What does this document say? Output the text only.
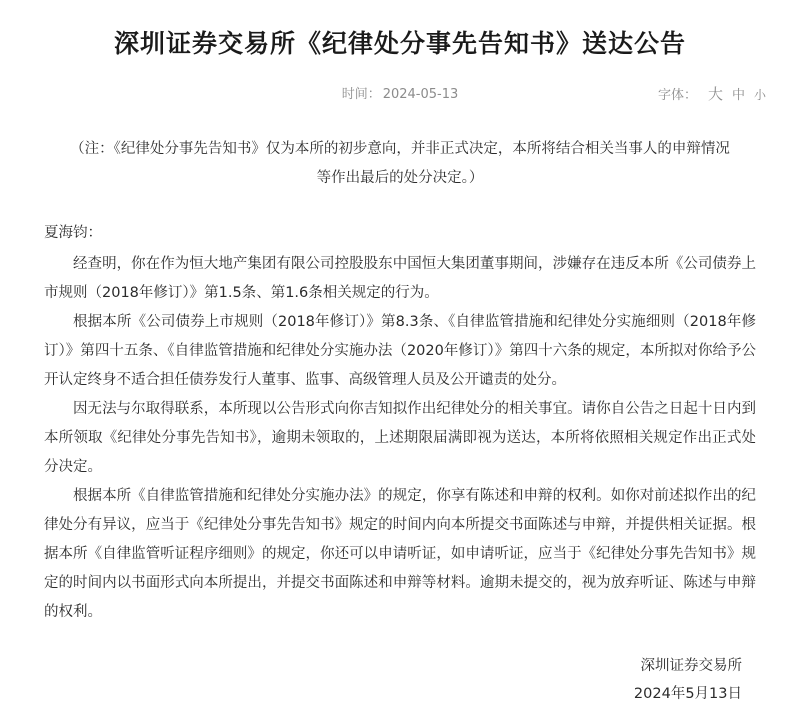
深圳证券交易所《纪律处分事先告知书》送达公告
时间： 2024-05-13	字体： 大 中 小
（注：《纪律处分事先告知书》仅为本所的初步意向，并非正式决定，本所将结合相关当事人的申辩情况等作出最后的处分决定。）
夏海钧：

经查明，你在作为恒大地产集团有限公司控股股东中国恒大集团董事期间，涉嫌存在违反本所《公司债券上市规则（2018年修订）》第1.5条、第1.6条相关规定的行为。

根据本所《公司债券上市规则（2018年修订）》第8.3条、《自律监管措施和纪律处分实施细则（2018年修订）》第四十五条、《自律监管措施和纪律处分实施办法（2020年修订）》第四十六条的规定，本所拟对你给予公开认定终身不适合担任债券发行人董事、监事、高级管理人员及公开谴责的处分。

因无法与尔取得联系，本所现以公告形式向你吉知拟作出纪律处分的相关事宜。请你自公告之日起十日内到本所领取《纪律处分事先告知书》，逾期未领取的，上述期限届满即视为送达，本所将依照相关规定作出正式处分决定。

根据本所《自律监管措施和纪律处分实施办法》的规定，你享有陈述和申辩的权利。如你对前述拟作出的纪律处分有异议，应当于《纪律处分事先告知书》规定的时间内向本所提交书面陈述与申辩，并提供相关证据。根据本所《自律监管听证程序细则》的规定，你还可以申请听证，如申请听证，应当于《纪律处分事先告知书》规定的时间内以书面形式向本所提出，并提交书面陈述和申辩等材料。逾期未提交的，视为放弃听证、陈述与申辩的权利。

深圳证券交易所
2024年5月13日
